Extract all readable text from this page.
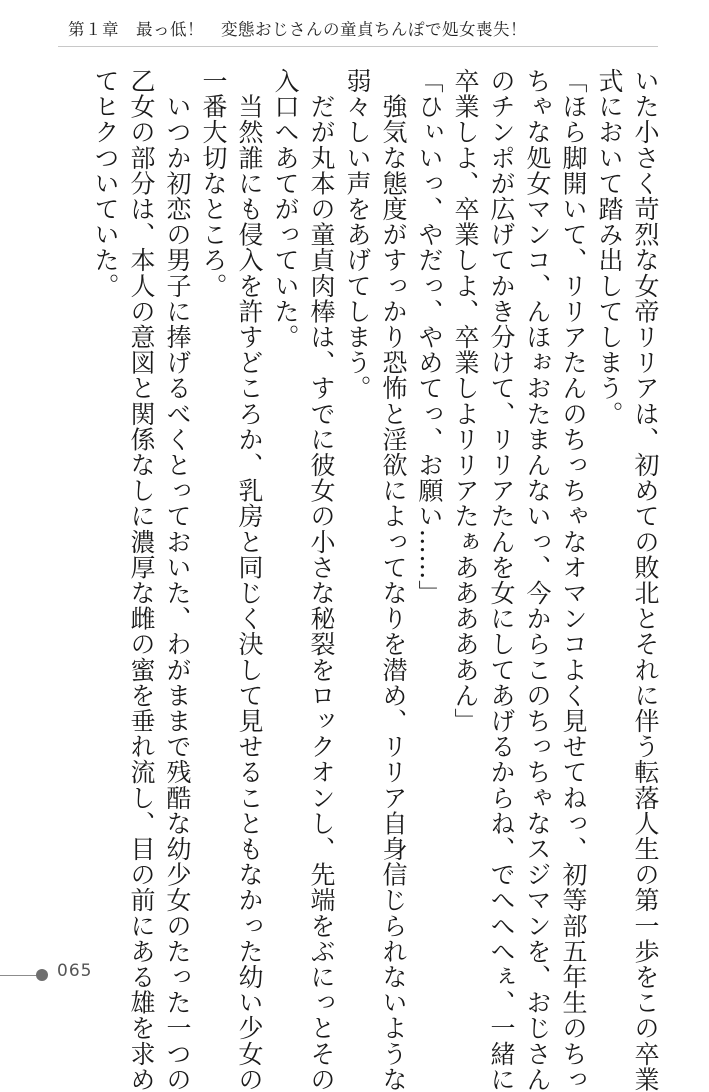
第１章　最っ低！　変態おじさんの童貞ちんぽで処女喪失！
いた小さく苛烈な女帝リリアは、初めての敗北とそれに伴う転落人生の第一歩をこの卒業
式において踏み出してしまう。
「ほら脚開いて、リリアたんのちっちゃなオマンコよく見せてねっ、初等部五年生のちっ
ちゃな処女マンコ、んほぉおたまんないっ、今からこのちっちゃなスジマンを、おじさん
のチンポが広げてかき分けて、リリアたんを女にしてあげるからね、でへへへぇ、一緒に
卒業しよ、卒業しよ、卒業しよリリアたぁあああああん」
「ひぃいっ、やだっ、やめてっ、お願い……」
　強気な態度がすっかり恐怖と淫欲によってなりを潜め、リリア自身信じられないような
弱々しい声をあげてしまう。
　だが丸本の童貞肉棒は、すでに彼女の小さな秘裂をロックオンし、先端をぶにっとその
入口へあてがっていた。
　当然誰にも侵入を許すどころか、乳房と同じく決して見せることもなかった幼い少女の
一番大切なところ。
　いつか初恋の男子に捧げるべくとっておいた、わがままで残酷な幼少女のたった一つの
乙女の部分は、本人の意図と関係なしに濃厚な雌の蜜を垂れ流し、目の前にある雄を求め
てヒクついていた。
065
